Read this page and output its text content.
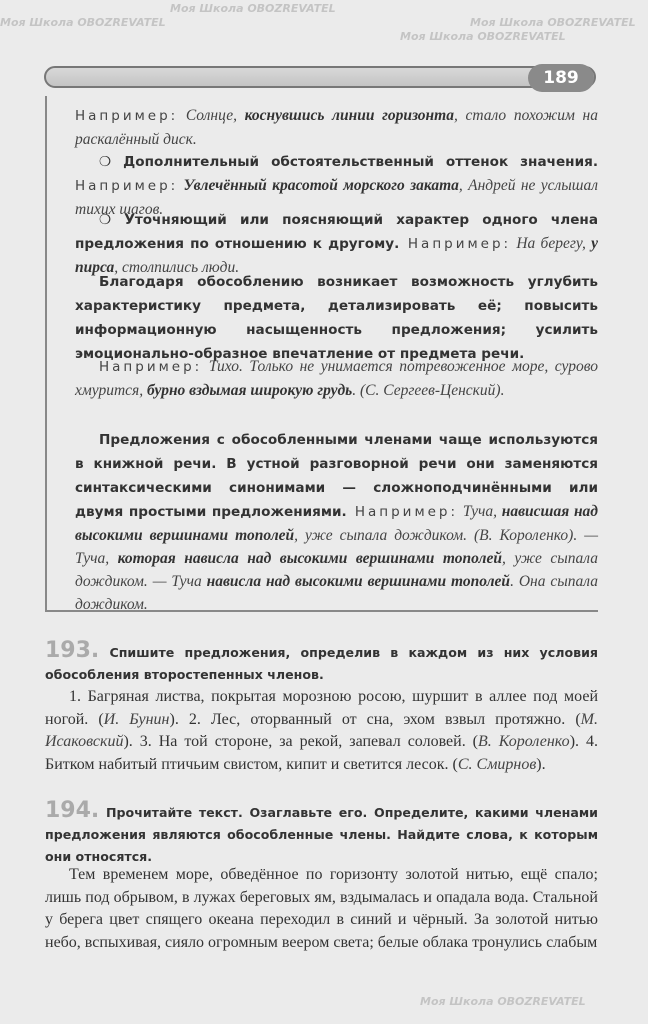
Моя Школа OBOZREVATEL
Моя Школа OBOZREVATEL
Моя Школа OBOZREVATEL
Моя Школа OBOZREVATEL
Моя Школа OBOZREVATEL
189
Например: Солнце, коснувшись линии горизонта, стало похожим на раскалённый диск.
❍ Дополнительный обстоятельственный оттенок значения. Например: Увлечённый красотой морского заката, Андрей не услышал тихих шагов.
❍ Уточняющий или поясняющий характер одного члена предложения по отношению к другому. Например: На берегу, у пирса, столпились люди.
Благодаря обособлению возникает возможность углубить характеристику предмета, детализировать её; повысить информационную насыщенность предложения; усилить эмоционально-образное впечатление от предмета речи.
Например: Тихо. Только не унимается потревоженное море, сурово хмурится, бурно вздымая широкую грудь. (С. Сергеев-Ценский).
Предложения с обособленными членами чаще используются в книжной речи. В устной разговорной речи они заменяются синтаксическими синонимами — сложноподчинёнными или двумя простыми предложениями. Например: Туча, нависшая над высокими вершинами тополей, уже сыпала дождиком. (В. Короленко). — Туча, которая нависла над высокими вершинами тополей, уже сыпала дождиком. — Туча нависла над высокими вершинами тополей. Она сыпала дождиком.
193. Спишите предложения, определив в каждом из них условия обособления второстепенных членов.
1. Багряная листва, покрытая морозною росою, шуршит в аллее под моей ногой. (И. Бунин). 2. Лес, оторванный от сна, эхом взвыл протяжно. (М. Исаковский). 3. На той стороне, за рекой, запевал соловей. (В. Короленко). 4. Битком набитый птичьим свистом, кипит и светится лесок. (С. Смирнов).
194. Прочитайте текст. Озаглавьте его. Определите, какими членами предложения являются обособленные члены. Найдите слова, к которым они относятся.
Тем временем море, обведённое по горизонту золотой нитью, ещё спало; лишь под обрывом, в лужах береговых ям, вздымалась и опадала вода. Стальной у берега цвет спящего океана переходил в синий и чёрный. За золотой нитью небо, вспыхивая, сияло огромным веером света; белые облака тронулись слабым
